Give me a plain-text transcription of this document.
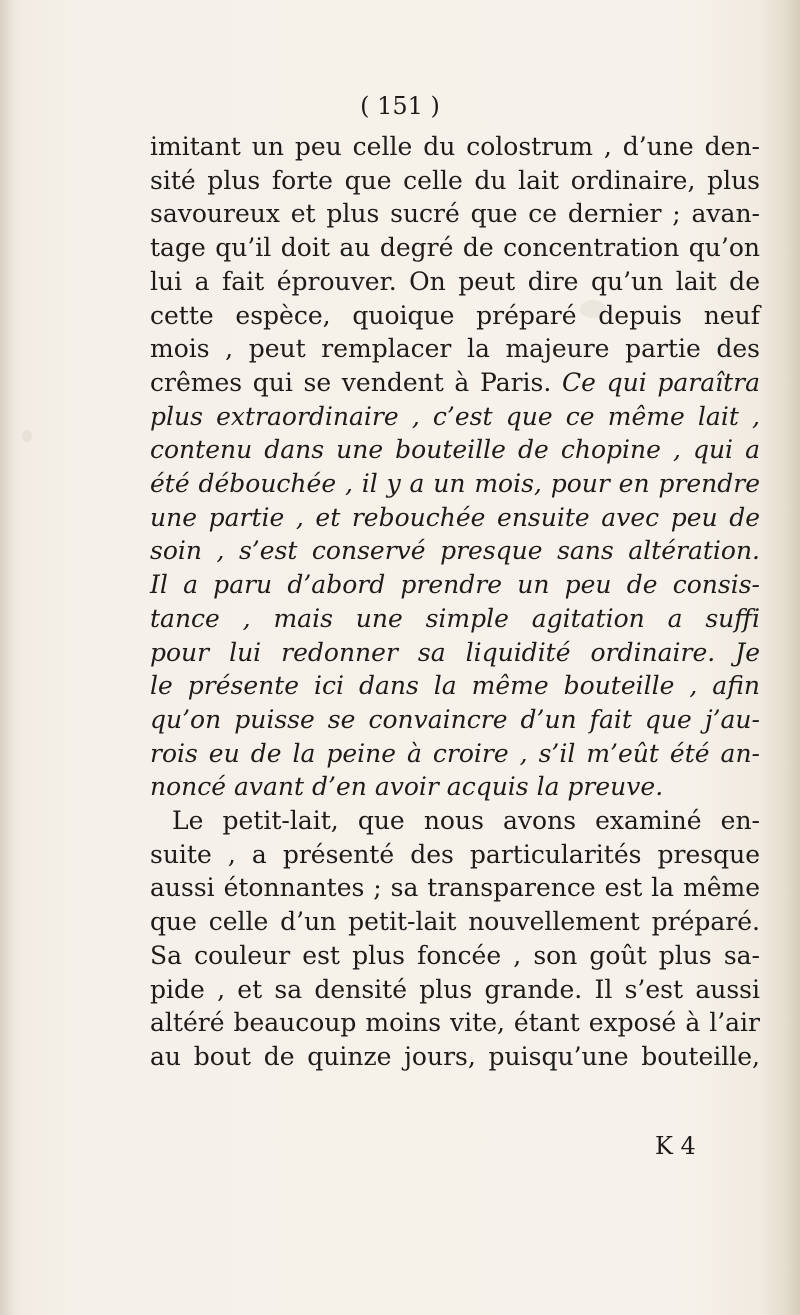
( 151 )
imitant un peu celle du colostrum , d’une den-
sité plus forte que celle du lait ordinaire, plus
savoureux et plus sucré que ce dernier ; avan-
tage qu’il doit au degré de concentration qu’on
lui a fait éprouver. On peut dire qu’un lait de
cette espèce, quoique préparé depuis neuf
mois , peut remplacer la majeure partie des
crêmes qui se vendent à Paris. Ce qui paraîtra
plus extraordinaire , c’est que ce même lait ,
contenu dans une bouteille de chopine , qui a
été débouchée , il y a un mois, pour en prendre
une partie , et rebouchée ensuite avec peu de
soin , s’est conservé presque sans altération.
Il a paru d’abord prendre un peu de consis-
tance , mais une simple agitation a suffi
pour lui redonner sa liquidité ordinaire. Je
le présente ici dans la même bouteille , afin
qu’on puisse se convaincre d’un fait que j’au-
rois eu de la peine à croire , s’il m’eût été an-
noncé avant d’en avoir acquis la preuve.
Le petit-lait, que nous avons examiné en-
suite , a présenté des particularités presque
aussi étonnantes ; sa transparence est la même
que celle d’un petit-lait nouvellement préparé.
Sa couleur est plus foncée , son goût plus sa-
pide , et sa densité plus grande. Il s’est aussi
altéré beaucoup moins vite, étant exposé à l’air
au bout de quinze jours, puisqu’une bouteille,
K 4
